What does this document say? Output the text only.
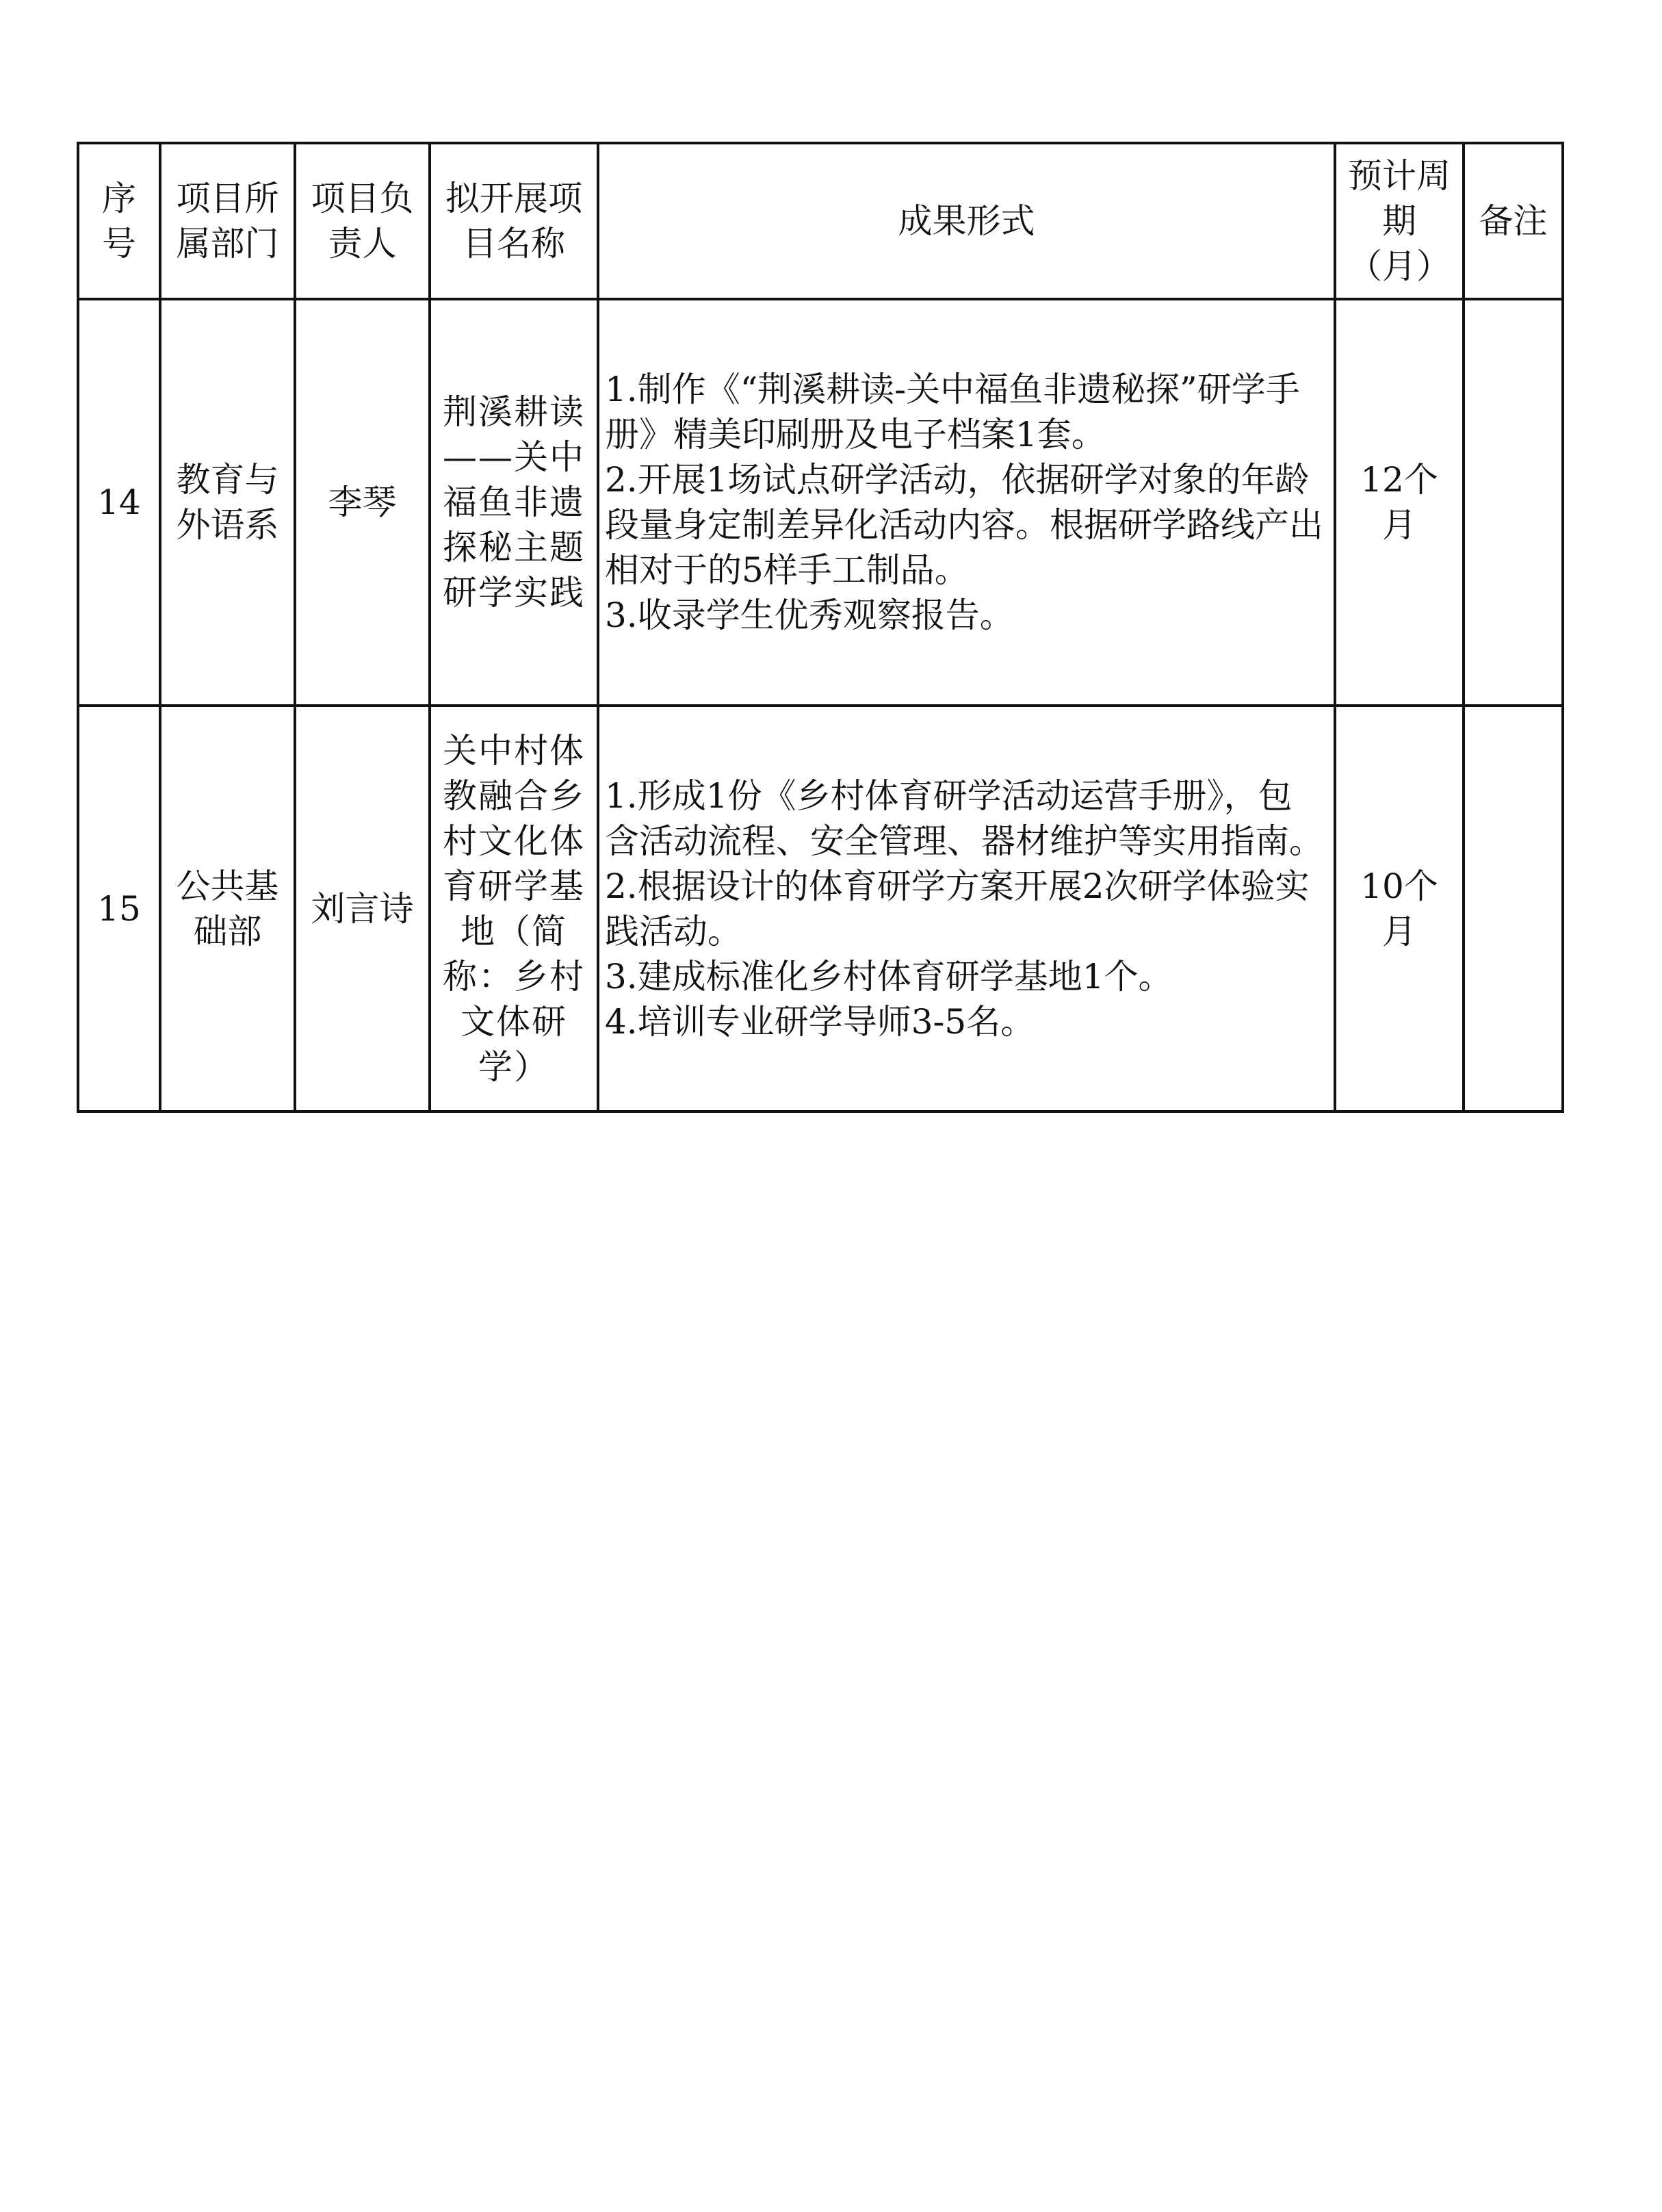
序号	项目所属部门	项目负责人	拟开展项目名称	成果形式	预计周期（月）	备注

14	教育与外语系	李琴	荆溪耕读——关中福鱼非遗探秘主题研学实践	1.制作《“荆溪耕读-关中福鱼非遗秘探”研学手册》精美印刷册及电子档案1套。
2.开展1场试点研学活动，依据研学对象的年龄段量身定制差异化活动内容。根据研学路线产出相对于的5样手工制品。
3.收录学生优秀观察报告。	12个月	

15	公共基础部	刘言诗	关中村体教融合乡村文化体育研学基地（简称：乡村文体研学）	1.形成1份《乡村体育研学活动运营手册》，包含活动流程、安全管理、器材维护等实用指南。
2.根据设计的体育研学方案开展2次研学体验实践活动。
3.建成标准化乡村体育研学基地1个。
4.培训专业研学导师3-5名。	10个月	
